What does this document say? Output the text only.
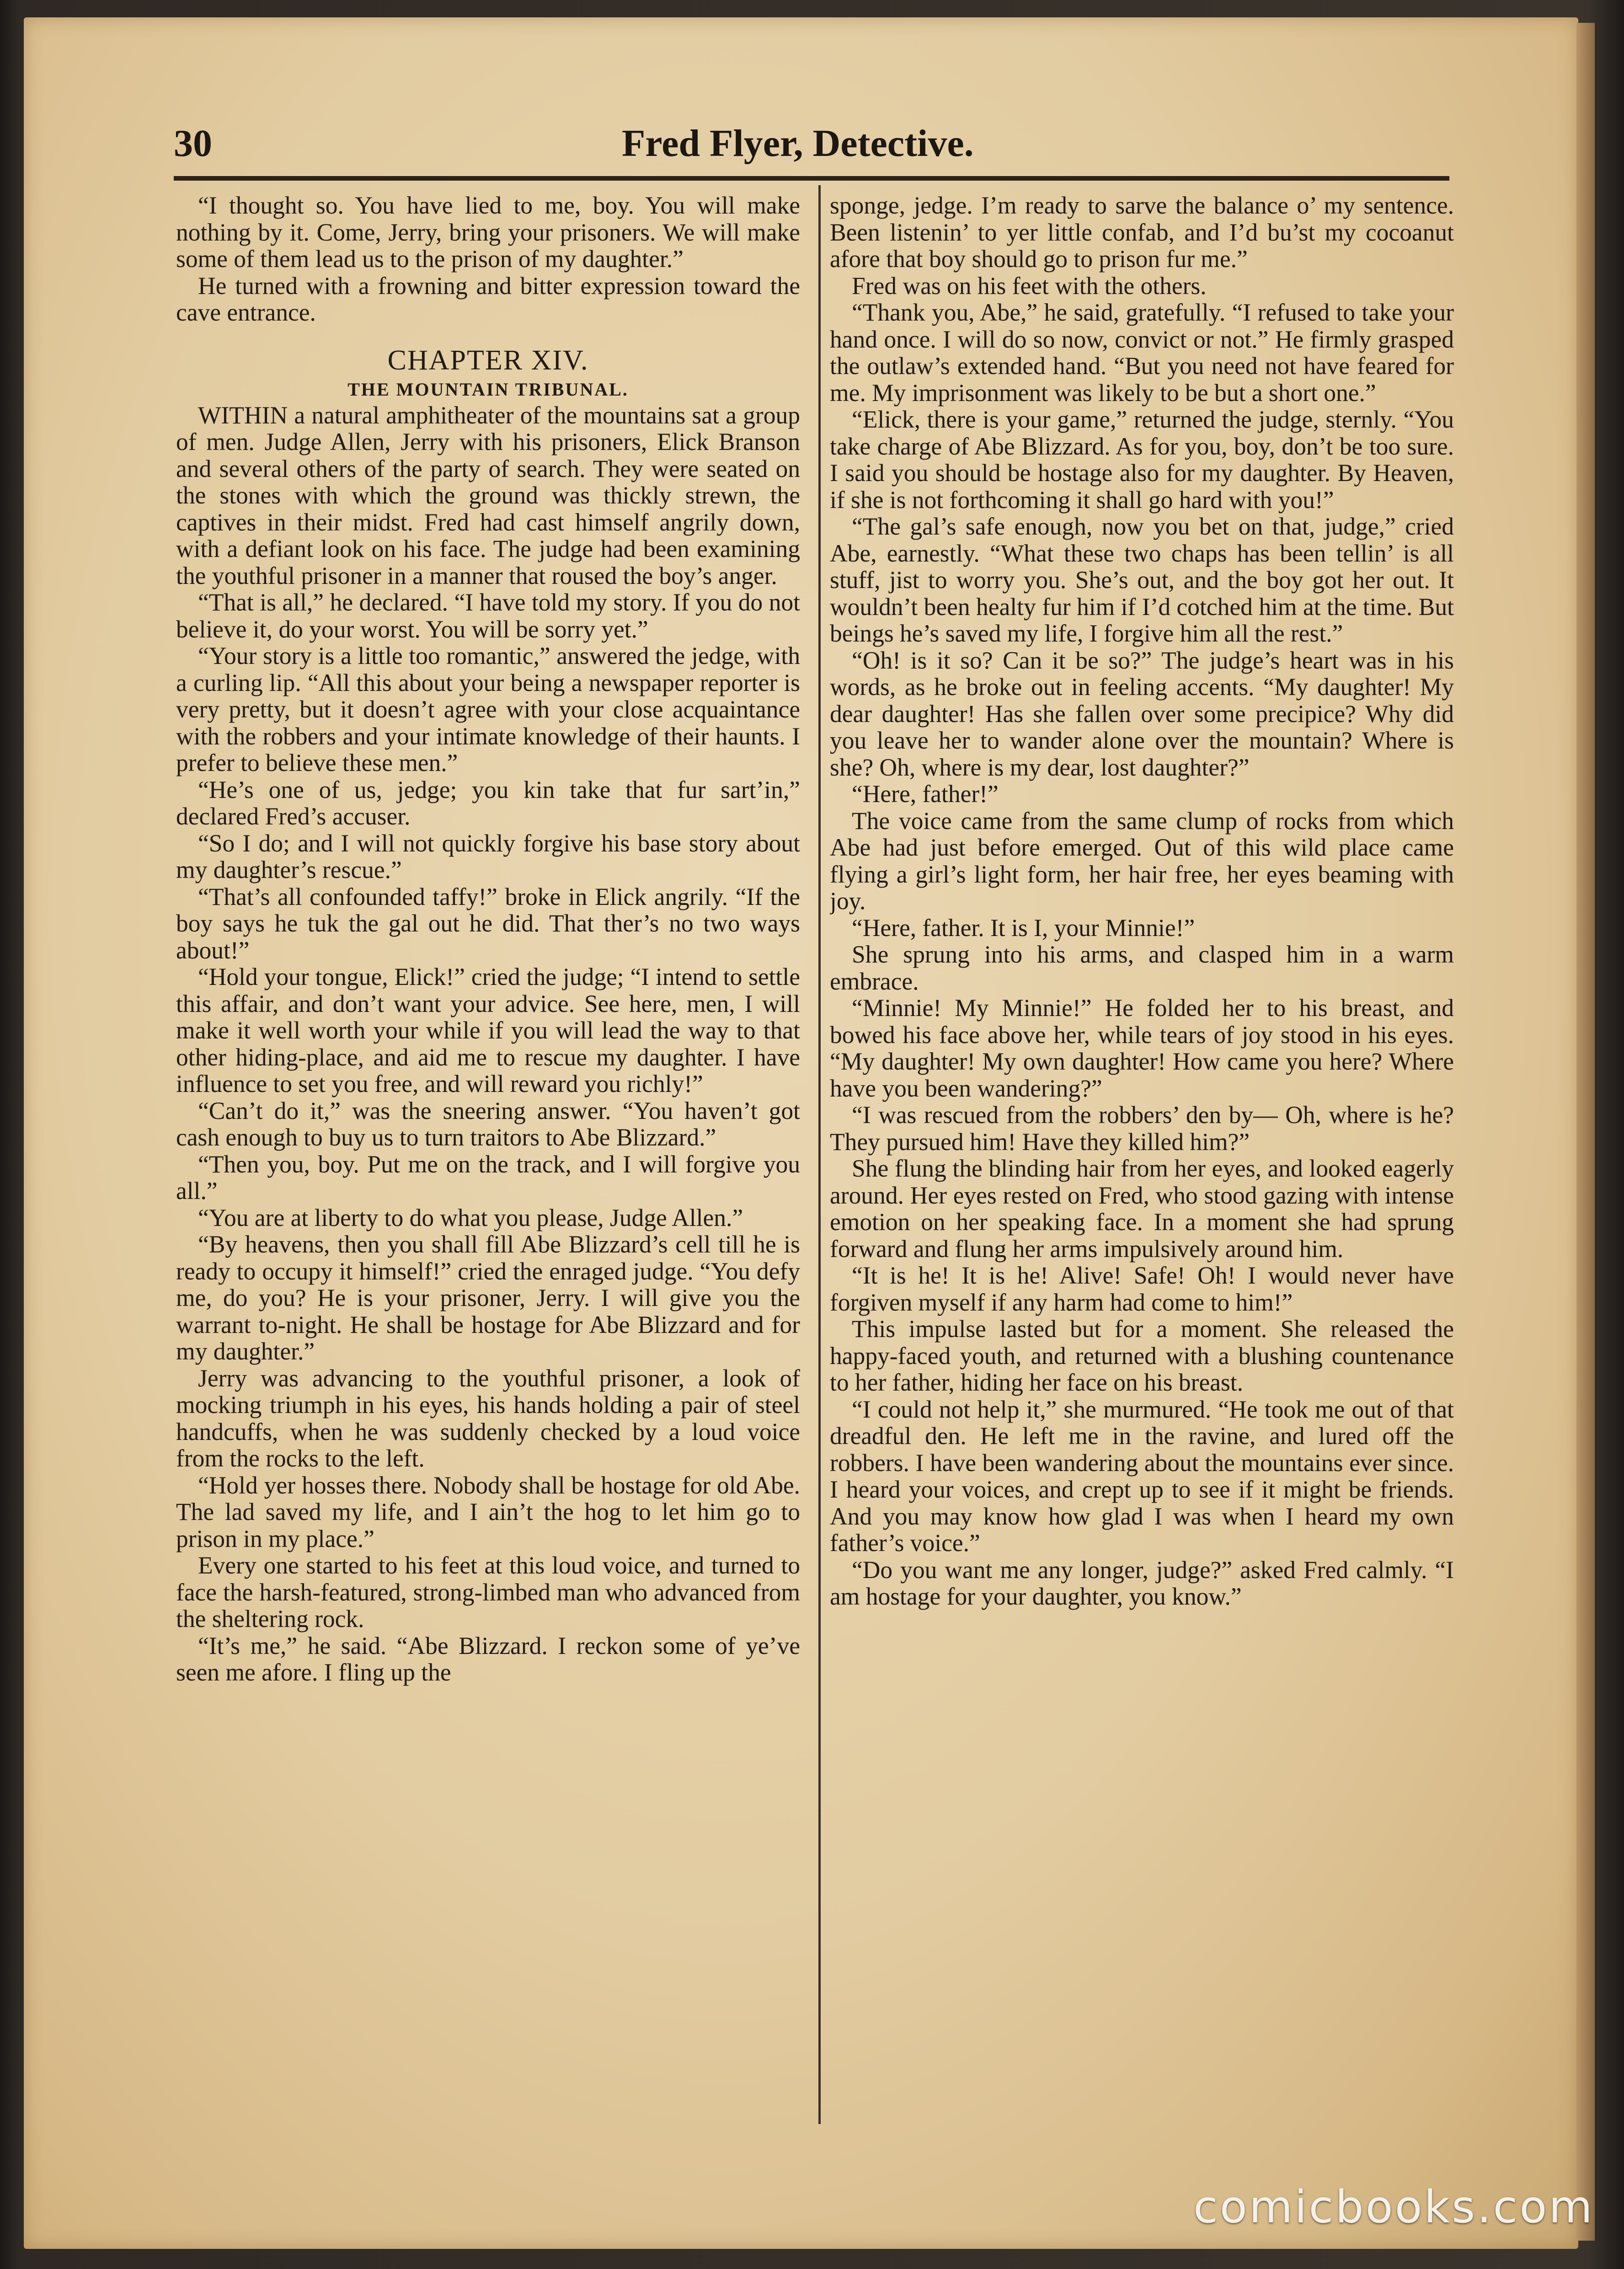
30	Fred Flyer, Detective.

“I thought so. You have lied to me, boy. You will make nothing by it. Come, Jerry, bring your prisoners. We will make some of them lead us to the prison of my daughter.”

He turned with a frowning and bitter expression toward the cave entrance.

CHAPTER XIV.
THE MOUNTAIN TRIBUNAL.

WITHIN a natural amphitheater of the mountains sat a group of men. Judge Allen, Jerry with his prisoners, Elick Branson and several others of the party of search. They were seated on the stones with which the ground was thickly strewn, the captives in their midst. Fred had cast himself angrily down, with a defiant look on his face. The judge had been examining the youthful prisoner in a manner that roused the boy’s anger.

“That is all,” he declared. “I have told my story. If you do not believe it, do your worst. You will be sorry yet.”

“Your story is a little too romantic,” answered the jedge, with a curling lip. “All this about your being a newspaper reporter is very pretty, but it doesn’t agree with your close acquaintance with the robbers and your intimate knowledge of their haunts. I prefer to believe these men.”

“He’s one of us, jedge; you kin take that fur sart’in,” declared Fred’s accuser.

“So I do; and I will not quickly forgive his base story about my daughter’s rescue.”

“That’s all confounded taffy!” broke in Elick angrily. “If the boy says he tuk the gal out he did. That ther’s no two ways about!”

“Hold your tongue, Elick!” cried the judge; “I intend to settle this affair, and don’t want your advice. See here, men, I will make it well worth your while if you will lead the way to that other hiding-place, and aid me to rescue my daughter. I have influence to set you free, and will reward you richly!”

“Can’t do it,” was the sneering answer. “You haven’t got cash enough to buy us to turn traitors to Abe Blizzard.”

“Then you, boy. Put me on the track, and I will forgive you all.”

“You are at liberty to do what you please, Judge Allen.”

“By heavens, then you shall fill Abe Blizzard’s cell till he is ready to occupy it himself!” cried the enraged judge. “You defy me, do you? He is your prisoner, Jerry. I will give you the warrant to-night. He shall be hostage for Abe Blizzard and for my daughter.”

Jerry was advancing to the youthful prisoner, a look of mocking triumph in his eyes, his hands holding a pair of steel handcuffs, when he was suddenly checked by a loud voice from the rocks to the left.

“Hold yer hosses there. Nobody shall be hostage for old Abe. The lad saved my life, and I ain’t the hog to let him go to prison in my place.”

Every one started to his feet at this loud voice, and turned to face the harsh-featured, strong-limbed man who advanced from the sheltering rock.

“It’s me,” he said. “Abe Blizzard. I reckon some of ye’ve seen me afore. I fling up the

sponge, jedge. I’m ready to sarve the balance o’ my sentence. Been listenin’ to yer little confab, and I’d bu’st my cocoanut afore that boy should go to prison fur me.”

Fred was on his feet with the others.

“Thank you, Abe,” he said, gratefully. “I refused to take your hand once. I will do so now, convict or not.” He firmly grasped the outlaw’s extended hand. “But you need not have feared for me. My imprisonment was likely to be but a short one.”

“Elick, there is your game,” returned the judge, sternly. “You take charge of Abe Blizzard. As for you, boy, don’t be too sure. I said you should be hostage also for my daughter. By Heaven, if she is not forthcoming it shall go hard with you!”

“The gal’s safe enough, now you bet on that, judge,” cried Abe, earnestly. “What these two chaps has been tellin’ is all stuff, jist to worry you. She’s out, and the boy got her out. It wouldn’t been healty fur him if I’d cotched him at the time. But beings he’s saved my life, I forgive him all the rest.”

“Oh! is it so? Can it be so?” The judge’s heart was in his words, as he broke out in feeling accents. “My daughter! My dear daughter! Has she fallen over some precipice? Why did you leave her to wander alone over the mountain? Where is she? Oh, where is my dear, lost daughter?”

“Here, father!”

The voice came from the same clump of rocks from which Abe had just before emerged. Out of this wild place came flying a girl’s light form, her hair free, her eyes beaming with joy.

“Here, father. It is I, your Minnie!”

She sprung into his arms, and clasped him in a warm embrace.

“Minnie! My Minnie!” He folded her to his breast, and bowed his face above her, while tears of joy stood in his eyes. “My daughter! My own daughter! How came you here? Where have you been wandering?”

“I was rescued from the robbers’ den by— Oh, where is he? They pursued him! Have they killed him?”

She flung the blinding hair from her eyes, and looked eagerly around. Her eyes rested on Fred, who stood gazing with intense emotion on her speaking face. In a moment she had sprung forward and flung her arms impulsively around him.

“It is he! It is he! Alive! Safe! Oh! I would never have forgiven myself if any harm had come to him!”

This impulse lasted but for a moment. She released the happy-faced youth, and returned with a blushing countenance to her father, hiding her face on his breast.

“I could not help it,” she murmured. “He took me out of that dreadful den. He left me in the ravine, and lured off the robbers. I have been wandering about the mountains ever since. I heard your voices, and crept up to see if it might be friends. And you may know how glad I was when I heard my own father’s voice.”

“Do you want me any longer, judge?” asked Fred calmly. “I am hostage for your daughter, you know.”

comicbooks.com
